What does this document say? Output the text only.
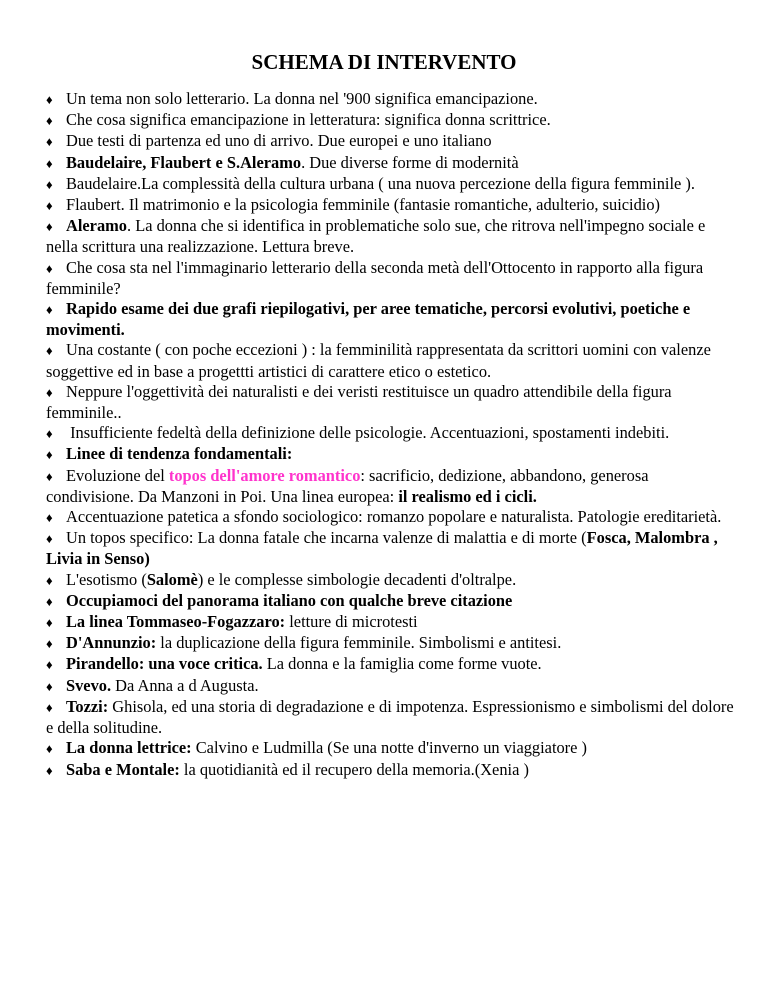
SCHEMA DI INTERVENTO
♦ Un tema non solo letterario. La donna nel '900 significa emancipazione.
♦ Che cosa significa emancipazione in letteratura: significa donna scrittrice.
♦ Due testi di partenza ed uno di arrivo. Due europei e uno italiano
♦ Baudelaire, Flaubert e S.Aleramo. Due diverse forme di modernità
♦ Baudelaire.La complessità della cultura urbana ( una nuova percezione della figura femminile ).
♦ Flaubert. Il matrimonio e la psicologia femminile (fantasie romantiche, adulterio, suicidio)
♦ Aleramo. La donna che si identifica in problematiche solo sue, che ritrova nell'impegno sociale e nella scrittura una realizzazione. Lettura breve.
♦ Che cosa sta nel l'immaginario letterario della seconda metà dell'Ottocento in rapporto alla figura femminile?
♦ Rapido esame dei due grafi riepilogativi, per aree tematiche, percorsi evolutivi, poetiche e movimenti.
♦ Una costante ( con poche eccezioni ) : la femminilità rappresentata da scrittori uomini con valenze soggettive ed in base a progettti artistici di carattere etico o estetico.
♦ Neppure l'oggettività dei naturalisti e dei veristi restituisce un quadro attendibile della figura femminile..
♦ Insufficiente fedeltà della definizione delle psicologie. Accentuazioni, spostamenti indebiti.
♦ Linee di tendenza fondamentali:
♦ Evoluzione del topos dell'amore romantico: sacrificio, dedizione, abbandono, generosa condivisione. Da Manzoni in Poi. Una linea europea: il realismo ed i cicli.
♦ Accentuazione patetica a sfondo sociologico: romanzo popolare e naturalista. Patologie ereditarietà.
♦ Un topos specifico: La donna fatale che incarna valenze di malattia e di morte (Fosca, Malombra , Livia in Senso)
♦ L'esotismo (Salomè) e le complesse simbologie decadenti d'oltralpe.
♦ Occupiamoci del panorama italiano con qualche breve citazione
♦ La linea Tommaseo-Fogazzaro: letture di microtesti
♦ D'Annunzio: la duplicazione della figura femminile. Simbolismi e antitesi.
♦ Pirandello: una voce critica. La donna e la famiglia come forme vuote.
♦ Svevo. Da Anna a d Augusta.
♦ Tozzi: Ghisola, ed una storia di degradazione e di impotenza. Espressionismo e simbolismi del dolore e della solitudine.
♦ La donna lettrice: Calvino e Ludmilla (Se una notte d'inverno un viaggiatore )
♦ Saba e Montale: la quotidianità ed il recupero della memoria.(Xenia )
